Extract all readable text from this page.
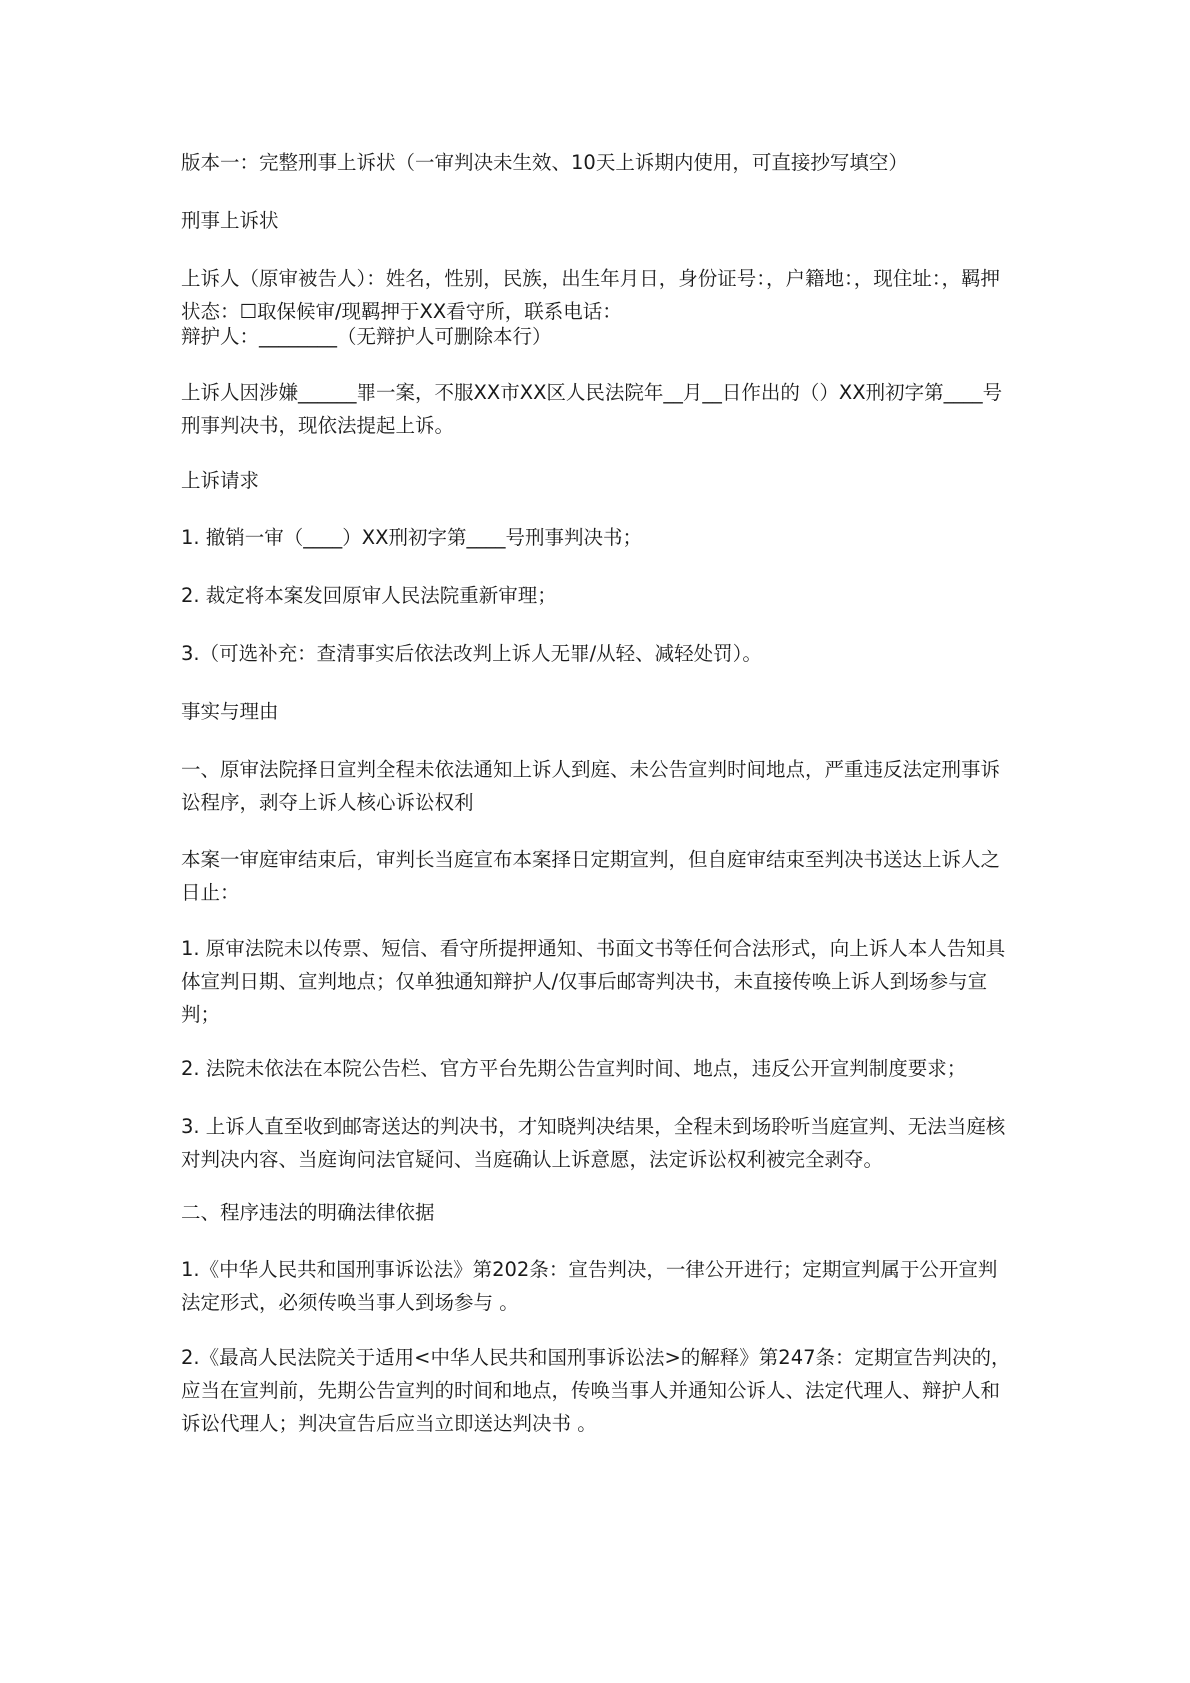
版本一：完整刑事上诉状（一审判决未生效、10天上诉期内使用，可直接抄写填空）

刑事上诉状

上诉人（原审被告人）：姓名，性别，民族，出生年月日，身份证号：，户籍地：，现住址：，羁押状态：☐取保候审/现羁押于XX看守所，联系电话：

辩护人：________（无辩护人可删除本行）

上诉人因涉嫌______罪一案，不服XX市XX区人民法院年__月__日作出的（）XX刑初字第____号刑事判决书，现依法提起上诉。

上诉请求

1. 撤销一审（____）XX刑初字第____号刑事判决书；

2. 裁定将本案发回原审人民法院重新审理；

3.（可选补充：查清事实后依法改判上诉人无罪/从轻、减轻处罚）。

事实与理由

一、原审法院择日宣判全程未依法通知上诉人到庭、未公告宣判时间地点，严重违反法定刑事诉讼程序，剥夺上诉人核心诉讼权利

本案一审庭审结束后，审判长当庭宣布本案择日定期宣判，但自庭审结束至判决书送达上诉人之日止：

1. 原审法院未以传票、短信、看守所提押通知、书面文书等任何合法形式，向上诉人本人告知具体宣判日期、宣判地点；仅单独通知辩护人/仅事后邮寄判决书，未直接传唤上诉人到场参与宣判；

2. 法院未依法在本院公告栏、官方平台先期公告宣判时间、地点，违反公开宣判制度要求；

3. 上诉人直至收到邮寄送达的判决书，才知晓判决结果，全程未到场聆听当庭宣判、无法当庭核对判决内容、当庭询问法官疑问、当庭确认上诉意愿，法定诉讼权利被完全剥夺。

二、程序违法的明确法律依据

1.《中华人民共和国刑事诉讼法》第202条：宣告判决，一律公开进行；定期宣判属于公开宣判法定形式，必须传唤当事人到场参与 。

2.《最高人民法院关于适用<中华人民共和国刑事诉讼法>的解释》第247条：定期宣告判决的，应当在宣判前，先期公告宣判的时间和地点，传唤当事人并通知公诉人、法定代理人、辩护人和诉讼代理人；判决宣告后应当立即送达判决书 。
